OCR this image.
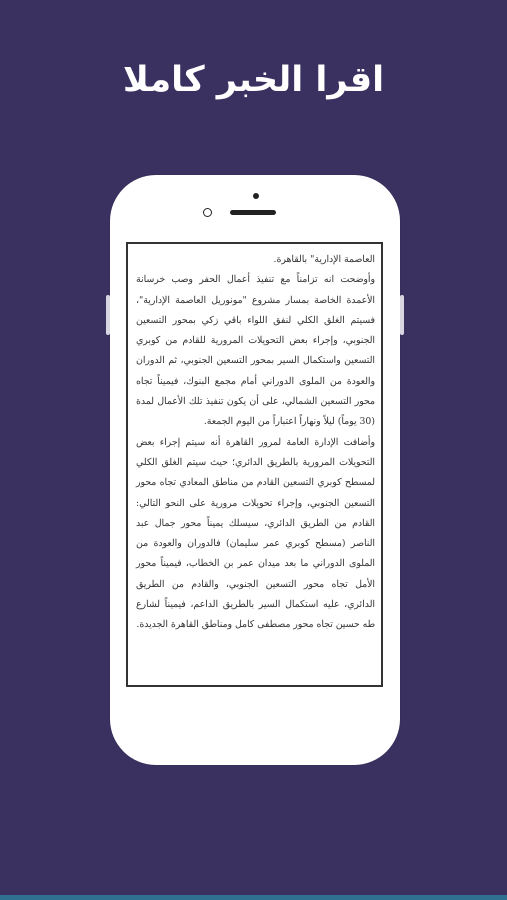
اقرا الخبر كاملا

العاصمة الإدارية" بالقاهرة.

وأوضحت انه تزامناً مع تنفيذ أعمال الحفر وصب خرسانة الأعمدة الخاصة بمسار مشروع "مونوريل العاصمة الإدارية"، فسيتم الغلق الكلي لنفق اللواء باقي زكي بمحور التسعين الجنوبي، وإجراء بعض التحويلات المرورية للقادم من كوبري التسعين واستكمال السير بمحور التسعين الجنوبي، ثم الدوران والعودة من الملوى الدوراني أمام مجمع البنوك، فيميناً تجاه محور التسعين الشمالي، على أن يكون تنفيذ تلك الأعمال لمدة (30 يوماً) ليلاً ونهاراً اعتباراً من اليوم الجمعة.

وأضافت الإدارة العامة لمرور القاهرة أنه سيتم إجراء بعض التحويلات المرورية بالطريق الدائري؛ حيث سيتم الغلق الكلي لمسطح كوبري التسعين القادم من مناطق المعادي تجاه محور التسعين الجنوبي، وإجراء تحويلات مرورية على النحو التالي: القادم من الطريق الدائري، سيسلك يميناً محور جمال عبد الناصر (مسطح كوبري عمر سليمان) فالدوران والعودة من الملوى الدوراني ما بعد ميدان عمر بن الخطاب، فيميناً محور الأمل تجاه محور التسعين الجنوبي، والقادم من الطريق الدائري، عليه استكمال السير بالطريق الداعم، فيميناً لشارع طه حسين تجاه محور مصطفى كامل ومناطق القاهرة الجديدة.
